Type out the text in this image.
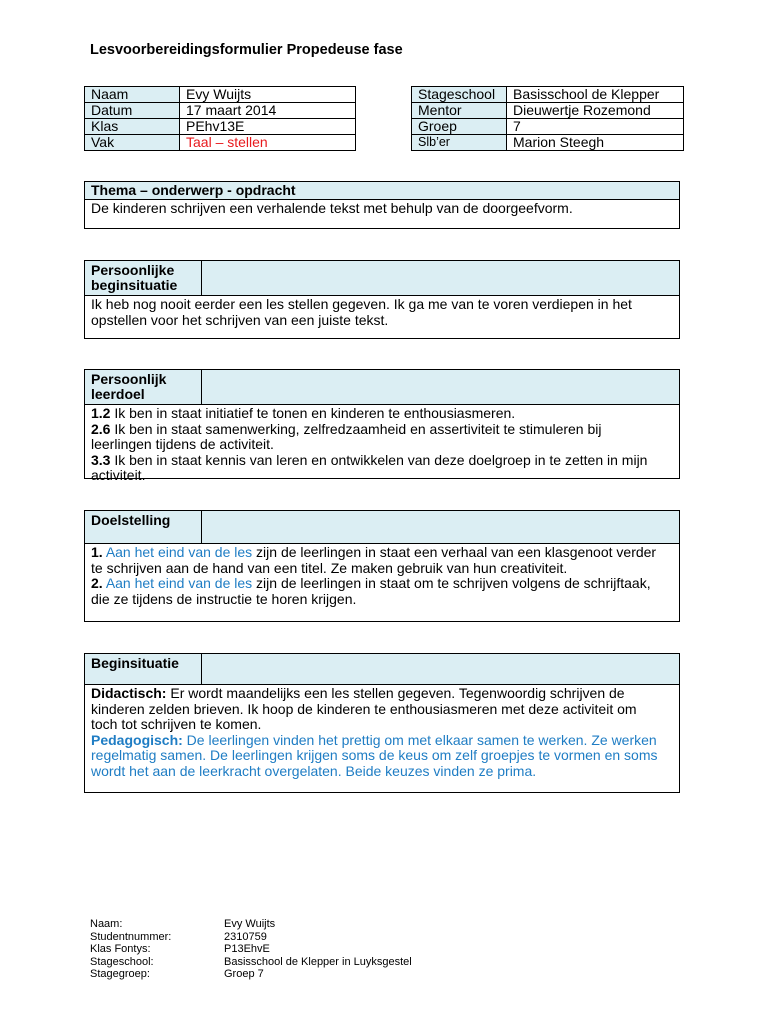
Lesvoorbereidingsformulier Propedeuse fase
Naam	Evy Wuijts
Datum	17 maart 2014
Klas	PEhv13E
Vak	Taal – stellen
Stageschool	Basisschool de Klepper
Mentor	Dieuwertje Rozemond
Groep	7
Slb’er	Marion Steegh
Thema – onderwerp - opdracht
De kinderen schrijven een verhalende tekst met behulp van de doorgeefvorm.
Persoonlijke
beginsituatie
Ik heb nog nooit eerder een les stellen gegeven. Ik ga me van te voren verdiepen in het
opstellen voor het schrijven van een juiste tekst.
Persoonlijk
leerdoel
1.2 Ik ben in staat initiatief te tonen en kinderen te enthousiasmeren.
2.6 Ik ben in staat samenwerking, zelfredzaamheid en assertiviteit te stimuleren bij
leerlingen tijdens de activiteit.
3.3 Ik ben in staat kennis van leren en ontwikkelen van deze doelgroep in te zetten in mijn
activiteit.
Doelstelling
1. Aan het eind van de les zijn de leerlingen in staat een verhaal van een klasgenoot verder
te schrijven aan de hand van een titel. Ze maken gebruik van hun creativiteit.
2. Aan het eind van de les zijn de leerlingen in staat om te schrijven volgens de schrijftaak,
die ze tijdens de instructie te horen krijgen.
Beginsituatie
Didactisch: Er wordt maandelijks een les stellen gegeven. Tegenwoordig schrijven de
kinderen zelden brieven. Ik hoop de kinderen te enthousiasmeren met deze activiteit om
toch tot schrijven te komen.
Pedagogisch: De leerlingen vinden het prettig om met elkaar samen te werken. Ze werken
regelmatig samen. De leerlingen krijgen soms de keus om zelf groepjes te vormen en soms
wordt het aan de leerkracht overgelaten. Beide keuzes vinden ze prima.
Naam:	Evy Wuijts
Studentnummer:	2310759
Klas Fontys:	P13EhvE
Stageschool:	Basisschool de Klepper in Luyksgestel
Stagegroep:	Groep 7
